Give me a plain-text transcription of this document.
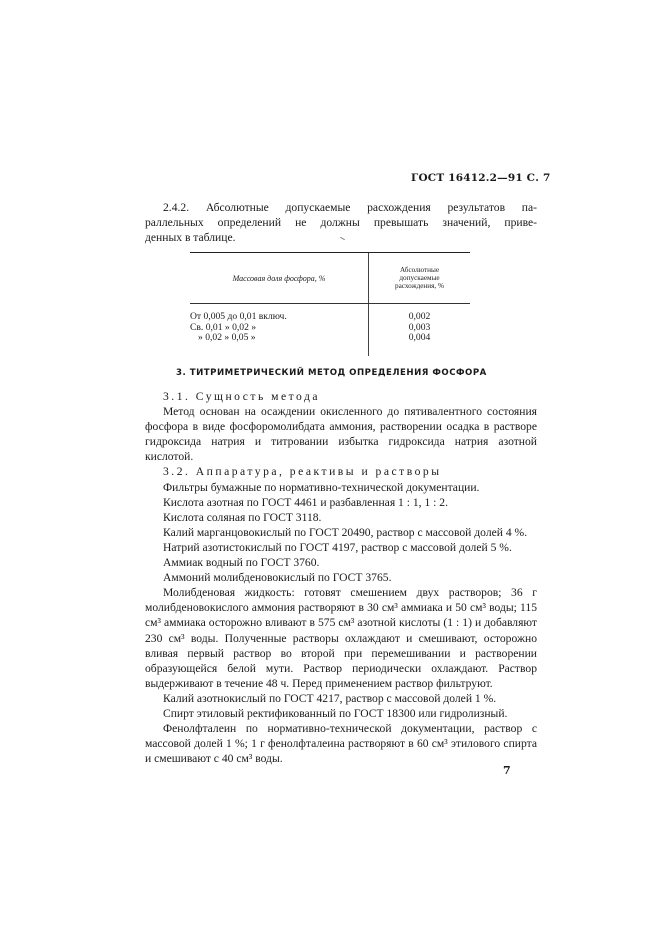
ГОСТ 16412.2—91 С. 7

2.4.2. Абсолютные допускаемые расхождения результатов па-

раллельных определений не должны превышать значений, приве-

денных в таблице.

Массовая доля фосфора, %
Абсолютные допускаемые расхождения, %
От 0,005 до 0,01 включ.
Св. 0,01 » 0,02 »
» 0,02 » 0,05 »
0,002
0,003
0,004
3. ТИТРИМЕТРИЧЕСКИЙ МЕТОД ОПРЕДЕЛЕНИЯ ФОСФОРА

3.1. Сущность метода

Метод основан на осаждении окисленного до пятивалентного состояния фосфора в виде фосфоромолибдата аммония, растворении осадка в растворе гидроксида натрия и титровании избытка гидроксида натрия азотной кислотой.

3.2. Аппаратура, реактивы и растворы

Фильтры бумажные по нормативно-технической документации.

Кислота азотная по ГОСТ 4461 и разбавленная 1 : 1, 1 : 2.

Кислота соляная по ГОСТ 3118.

Калий марганцовокислый по ГОСТ 20490, раствор с массовой долей 4 %.

Натрий азотистокислый по ГОСТ 4197, раствор с массовой долей 5 %.

Аммиак водный по ГОСТ 3760.

Аммоний молибденовокислый по ГОСТ 3765.

Молибденовая жидкость: готовят смешением двух растворов; 36 г молибденовокислого аммония растворяют в 30 см³ аммиака и 50 см³ воды; 115 см³ аммиака осторожно вливают в 575 см³ азотной кислоты (1 : 1) и добавляют 230 см³ воды. Полученные растворы охлаждают и смешивают, осторожно вливая первый раствор во второй при перемешивании и растворении образующейся белой мути. Раствор периодически охлаждают. Раствор выдерживают в течение 48 ч. Перед применением раствор фильтруют.

Калий азотнокислый по ГОСТ 4217, раствор с массовой долей 1 %.

Спирт этиловый ректификованный по ГОСТ 18300 или гидролизный.

Фенолфталеин по нормативно-технической документации, раствор с массовой долей 1 %; 1 г фенолфталеина растворяют в 60 см³ этилового спирта и смешивают с 40 см³ воды.

7
